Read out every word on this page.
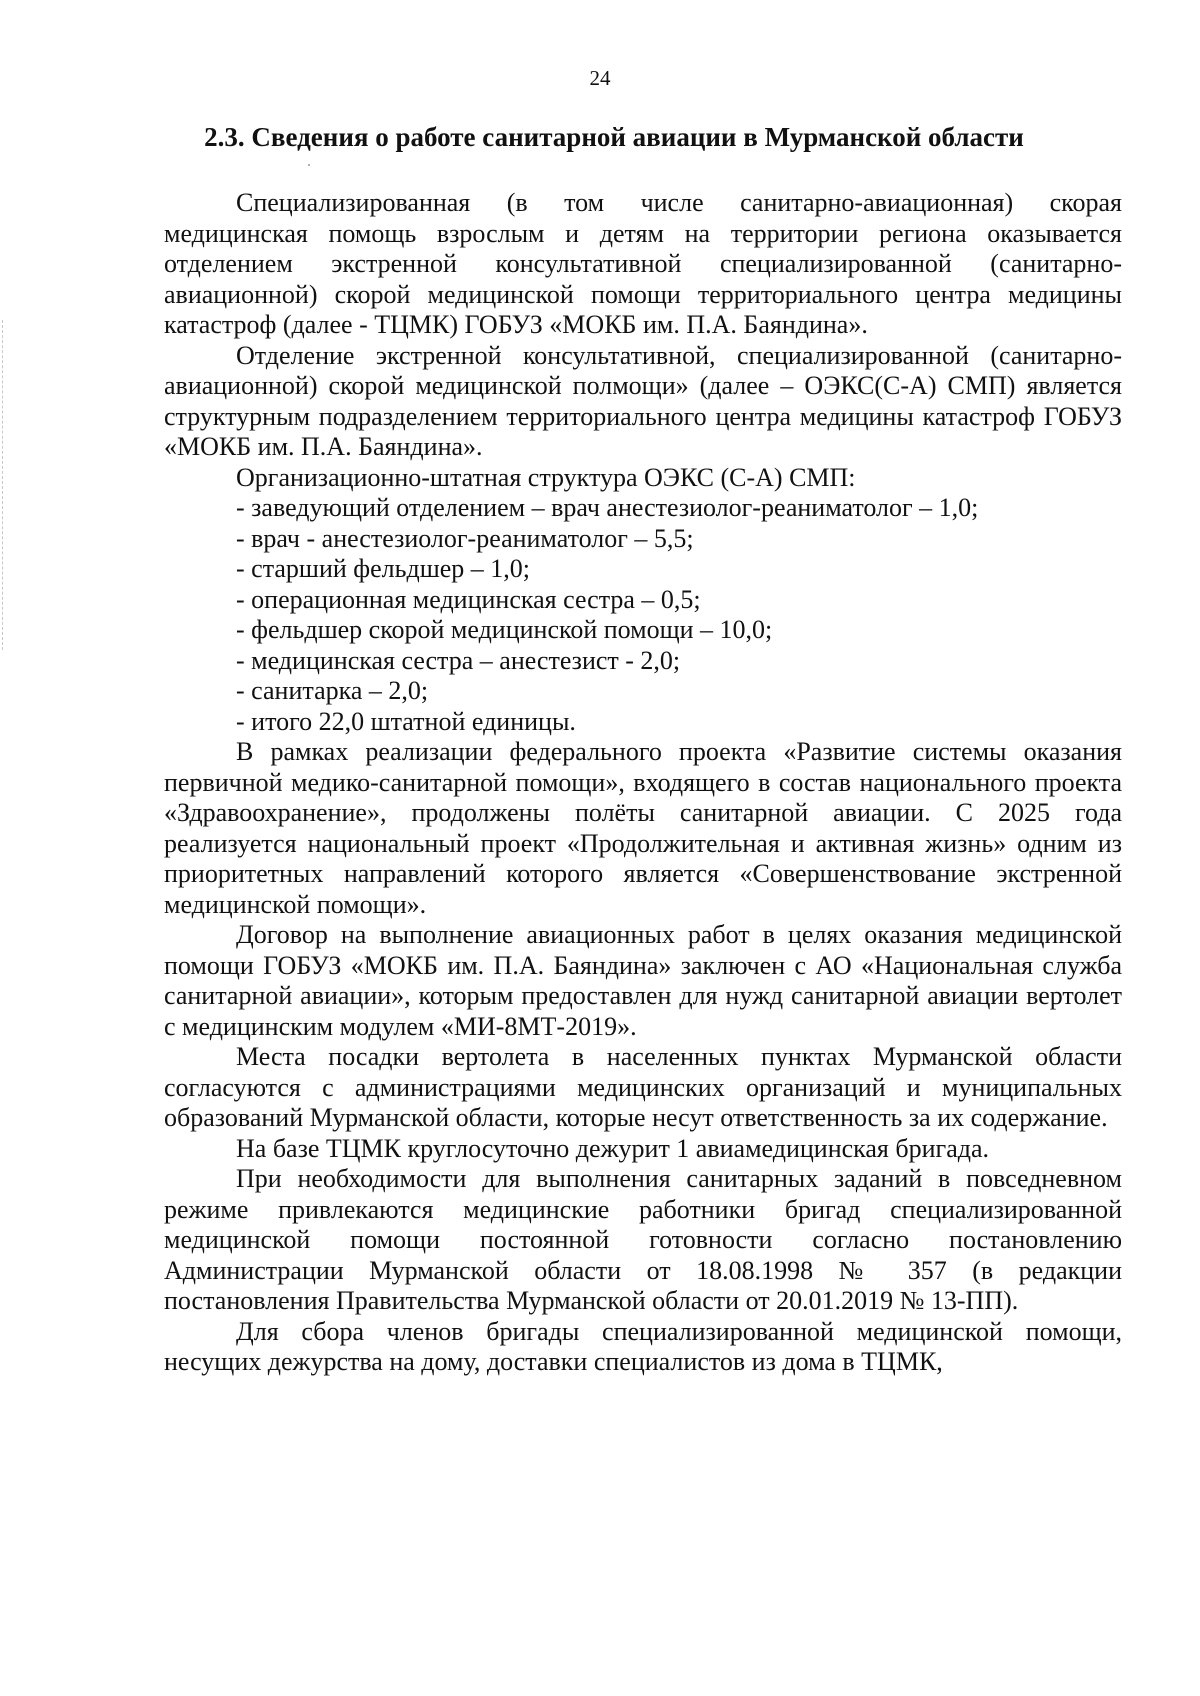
24
2.3. Сведения о работе санитарной авиации в Мурманской области

Специализированная (в том числе санитарно-авиационная) скорая медицинская помощь взрослым и детям на территории региона оказывается отделением экстренной консультативной специализированной (санитарно-авиационной) скорой медицинской помощи территориального центра медицины катастроф (далее - ТЦМК) ГОБУЗ «МОКБ им. П.А. Баяндина».

Отделение экстренной консультативной, специализированной (санитарно-авиационной) скорой медицинской полмощи» (далее – ОЭКС(С-А) СМП) является структурным подразделением территориального центра медицины катастроф ГОБУЗ «МОКБ им. П.А. Баяндина».

Организационно-штатная структура ОЭКС (С-А) СМП:

- заведующий отделением – врач анестезиолог-реаниматолог – 1,0;

- врач - анестезиолог-реаниматолог – 5,5;

- старший фельдшер – 1,0;

- операционная медицинская сестра – 0,5;

- фельдшер скорой медицинской помощи – 10,0;

- медицинская сестра – анестезист - 2,0;

- санитарка – 2,0;

- итого 22,0 штатной единицы.

В рамках реализации федерального проекта «Развитие системы оказания первичной медико-санитарной помощи», входящего в состав национального проекта «Здравоохранение», продолжены полёты санитарной авиации. С 2025 года реализуется национальный проект «Продолжительная и активная жизнь» одним из приоритетных направлений которого является «Совершенствование экстренной медицинской помощи».

Договор на выполнение авиационных работ в целях оказания медицинской помощи ГОБУЗ «МОКБ им. П.А. Баяндина» заключен с АО «Национальная служба санитарной авиации», которым предоставлен для нужд санитарной авиации вертолет с медицинским модулем «МИ-8МТ-2019».

Места посадки вертолета в населенных пунктах Мурманской области согласуются с администрациями медицинских организаций и муниципальных образований Мурманской области, которые несут ответственность за их содержание.

На базе ТЦМК круглосуточно дежурит 1 авиамедицинская бригада.

При необходимости для выполнения санитарных заданий в повседневном режиме привлекаются медицинские работники бригад специализированной медицинской помощи постоянной готовности согласно постановлению Администрации Мурманской области от 18.08.1998 № 357 (в редакции постановления Правительства Мурманской области от 20.01.2019 № 13-ПП).

Для сбора членов бригады специализированной медицинской помощи, несущих дежурства на дому, доставки специалистов из дома в ТЦМК,
